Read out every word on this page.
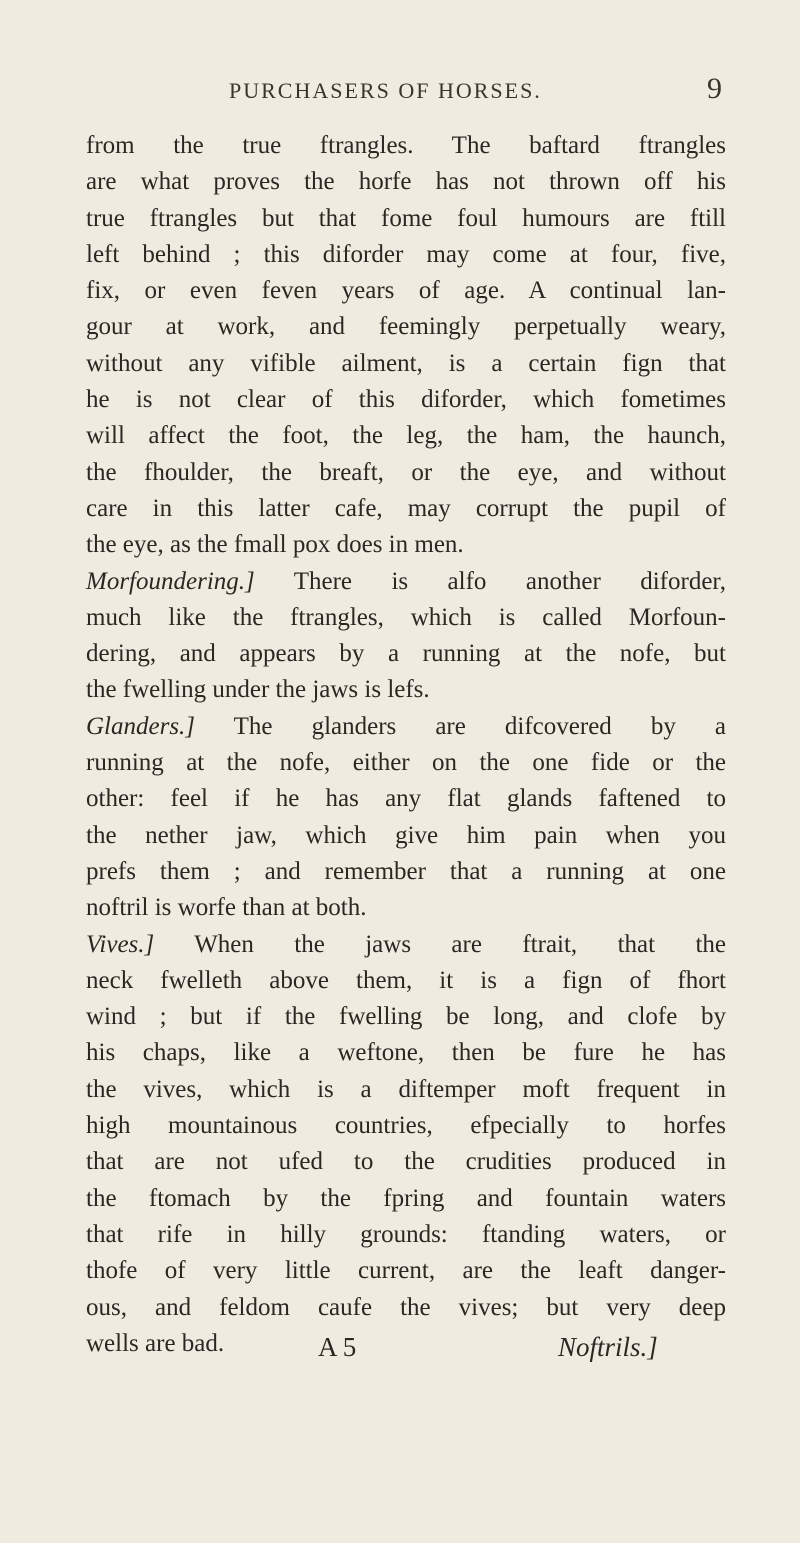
PURCHASERS OF HORSES.	9
from the true ftrangles. The baftard ftrangles
are what proves the horfe has not thrown off his
true ftrangles but that fome foul humours are ftill
left behind ; this diforder may come at four, five,
fix, or even feven years of age. A continual lan-
gour at work, and feemingly perpetually weary,
without any vifible ailment, is a certain fign that
he is not clear of this diforder, which fometimes
will affect the foot, the leg, the ham, the haunch,
the fhoulder, the breaft, or the eye, and without
care in this latter cafe, may corrupt the pupil of
the eye, as the fmall pox does in men.
Morfoundering.] There is alfo another diforder,
much like the ftrangles, which is called Morfoun-
dering, and appears by a running at the nofe, but
the fwelling under the jaws is lefs.
Glanders.] The glanders are difcovered by a
running at the nofe, either on the one fide or the
other: feel if he has any flat glands faftened to
the nether jaw, which give him pain when you
prefs them ; and remember that a running at one
noftril is worfe than at both.
Vives.] When the jaws are ftrait, that the
neck fwelleth above them, it is a fign of fhort
wind ; but if the fwelling be long, and clofe by
his chaps, like a weftone, then be fure he has
the vives, which is a diftemper moft frequent in
high mountainous countries, efpecially to horfes
that are not ufed to the crudities produced in
the ftomach by the fpring and fountain waters
that rife in hilly grounds: ftanding waters, or
thofe of very little current, are the leaft danger-
ous, and feldom caufe the vives; but very deep
wells are bad.	A 5	Noftrils.]
